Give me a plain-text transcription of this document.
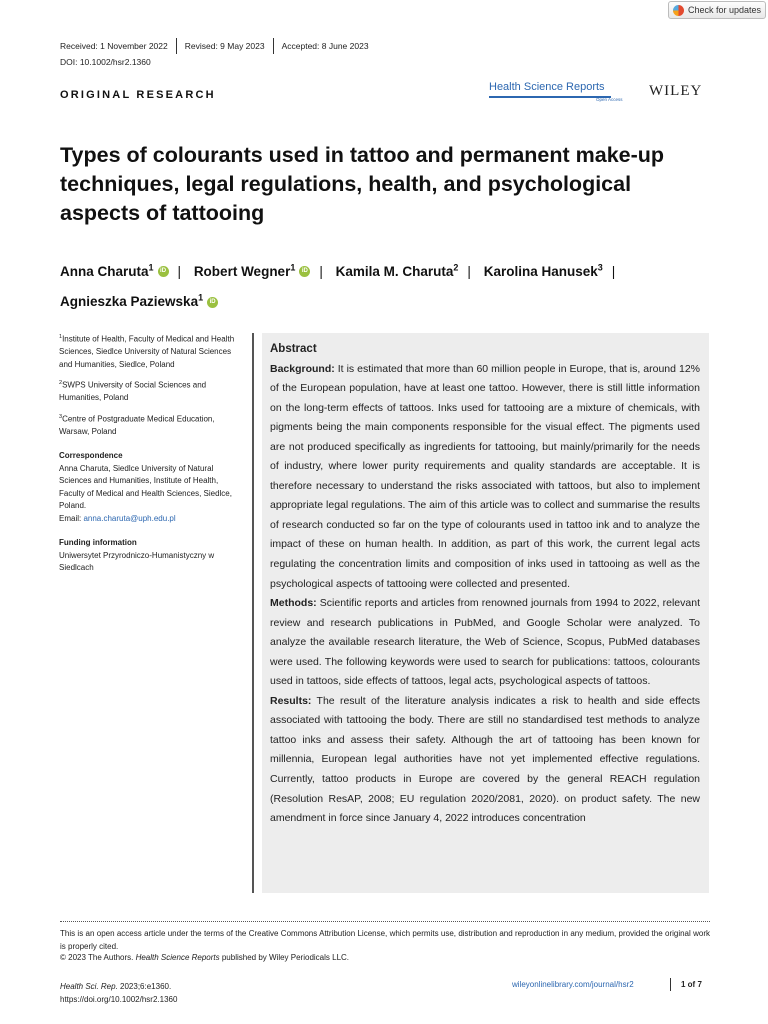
Check for updates
Received: 1 November 2022 Revised: 9 May 2023 Accepted: 8 June 2023
DOI: 10.1002/hsr2.1360
ORIGINAL RESEARCH
Health Science Reports
Open Access
WILEY
Types of colourants used in tattoo and permanent make-up techniques, legal regulations, health, and psychological aspects of tattooing
Anna Charuta$^1$ iD | Robert Wegner$^1$ iD | Kamila M. Charuta$^2$ | Karolina Hanusek$^3$ |
Agnieszka Paziewska$^1$ iD

$^1$Institute of Health, Faculty of Medical and Health Sciences, Siedlce University of Natural Sciences and Humanities, Siedlce, Poland

$^2$SWPS University of Social Sciences and Humanities, Poland

$^3$Centre of Postgraduate Medical Education, Warsaw, Poland

Correspondence

Anna Charuta, Siedlce University of Natural Sciences and Humanities, Institute of Health, Faculty of Medical and Health Sciences, Siedlce, Poland.
Email: anna.charuta@uph.edu.pl

Funding information

Uniwersytet Przyrodniczo-Humanistyczny w Siedlcach

Abstract

Background: It is estimated that more than 60 million people in Europe, that is, around 12% of the European population, have at least one tattoo. However, there is still little information on the long-term effects of tattoos. Inks used for tattooing are a mixture of chemicals, with pigments being the main components responsible for the visual effect. The pigments used are not produced specifically as ingredients for tattooing, but mainly/primarily for the needs of industry, where lower purity requirements and quality standards are acceptable. It is therefore necessary to understand the risks associated with tattoos, but also to implement appropriate legal regulations. The aim of this article was to collect and summarise the results of research conducted so far on the type of colourants used in tattoo ink and to analyze the impact of these on human health. In addition, as part of this work, the current legal acts regulating the concentration limits and composition of inks used in tattooing as well as the psychological aspects of tattooing were collected and presented.

Methods: Scientific reports and articles from renowned journals from 1994 to 2022, relevant review and research publications in PubMed, and Google Scholar were analyzed. To analyze the available research literature, the Web of Science, Scopus, PubMed databases were used. The following keywords were used to search for publications: tattoos, colourants used in tattoos, side effects of tattoos, legal acts, psychological aspects of tattoos.

Results: The result of the literature analysis indicates a risk to health and side effects associated with tattooing the body. There are still no standardised test methods to analyze tattoo inks and assess their safety. Although the art of tattooing has been known for millennia, European legal authorities have not yet implemented effective regulations. Currently, tattoo products in Europe are covered by the general REACH regulation (Resolution ResAP, 2008; EU regulation 2020/2081, 2020). on product safety. The new amendment in force since January 4, 2022 introduces concentration

This is an open access article under the terms of the Creative Commons Attribution License, which permits use, distribution and reproduction in any medium, provided the original work is properly cited.

© 2023 The Authors. Health Science Reports published by Wiley Periodicals LLC.
Health Sci. Rep. 2023;6:e1360.
https://doi.org/10.1002/hsr2.1360
wileyonlinelibrary.com/journal/hsr2	1 of 7
